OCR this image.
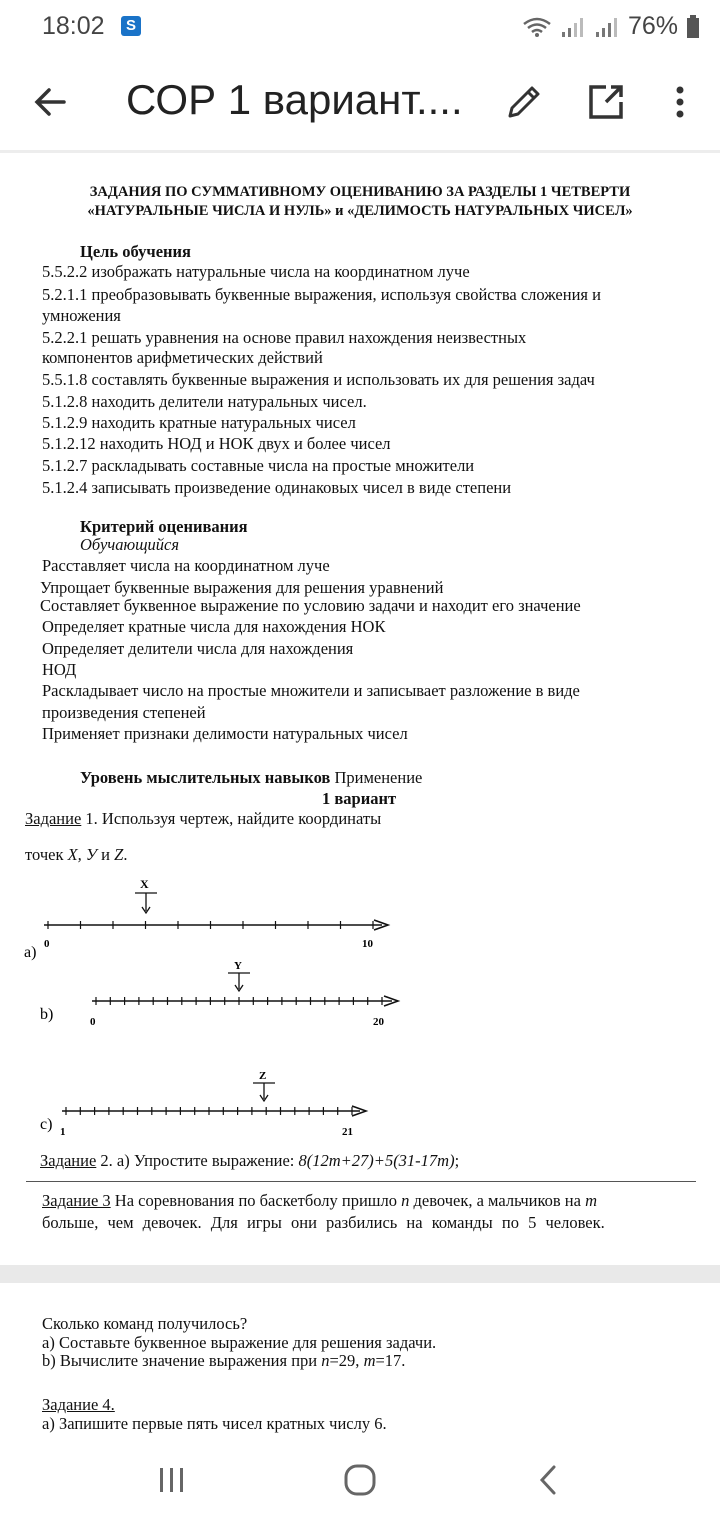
18:02	S	76%
СОР 1 вариант....
ЗАДАНИЯ ПО СУММАТИВНОМУ ОЦЕНИВАНИЮ ЗА РАЗДЕЛЫ 1 ЧЕТВЕРТИ
«НАТУРАЛЬНЫЕ ЧИСЛА И НУЛЬ» и «ДЕЛИМОСТЬ НАТУРАЛЬНЫХ ЧИСЕЛ»
Цель обучения
5.5.2.2 изображать натуральные числа на координатном луче
5.2.1.1 преобразовывать буквенные выражения, используя свойства сложения и
умножения
5.2.2.1 решать уравнения на основе правил нахождения неизвестных
компонентов арифметических действий
5.5.1.8 составлять буквенные выражения и использовать их для решения задач
5.1.2.8 находить делители натуральных чисел.
5.1.2.9 находить кратные натуральных чисел
5.1.2.12 находить НОД и НОК двух и более чисел
5.1.2.7 раскладывать составные числа на простые множители
5.1.2.4 записывать произведение одинаковых чисел в виде степени
Критерий оценивания
Обучающийся
Расставляет числа на координатном луче
Упрощает буквенные выражения для решения уравнений
Составляет буквенное выражение по условию задачи и находит его значение
Определяет кратные числа для нахождения НОК
Определяет делители числа для нахождения
НОД
Раскладывает число на простые множители и записывает разложение в виде
произведения степеней
Применяет признаки делимости натуральных чисел
Уровень мыслительных навыков Применение
1 вариант
Задание 1. Используя чертеж, найдите координаты
точек X, У и Z.
a) 0	10
X
b)	0	20
Y
c) 1	21
Z
Задание 2. а) Упростите выражение: 8(12m+27)+5(31-17m);
Задание 3 На соревнования по баскетболу пришло n девочек, а мальчиков на m
больше, чем девочек. Для игры они разбились на команды по 5 человек.
Сколько команд получилось?
а) Составьте буквенное выражение для решения задачи.
b) Вычислите значение выражения при n=29, m=17.
Задание 4.
а) Запишите первые пять чисел кратных числу 6.
